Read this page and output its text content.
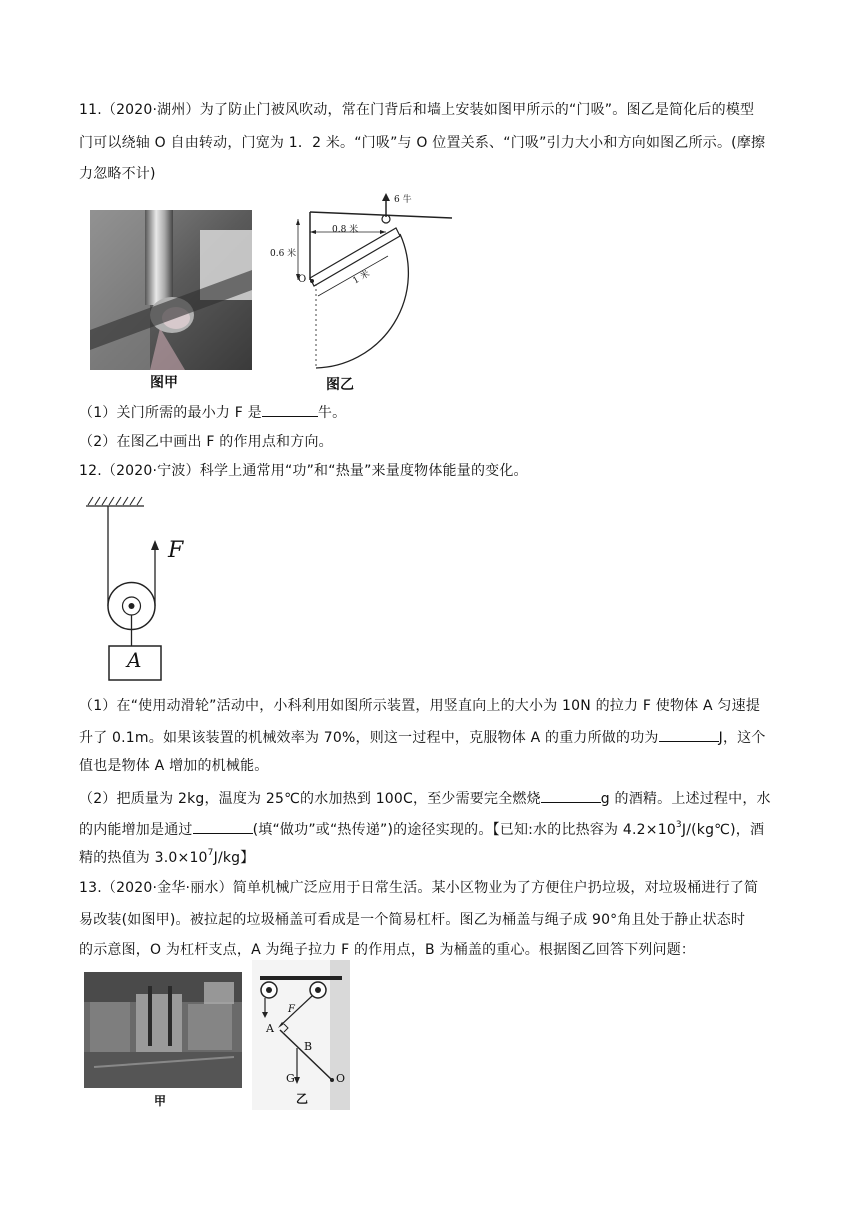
11.（2020·湖州）为了防止门被风吹动，常在门背后和墙上安装如图甲所示的“门吸”。图乙是简化后的模型
门可以绕轴 O 自由转动，门宽为 1．2 米。“门吸”与 O 位置关系、“门吸”引力大小和方向如图乙所示。(摩擦
力忽略不计)
图甲
6 牛
0.8 米
0.6 米
1 米
O
图乙
（1）关门所需的最小力 F 是	牛。
（2）在图乙中画出 F 的作用点和方向。
12.（2020·宁波）科学上通常用“功”和“热量”来量度物体能量的变化。
F
A
（1）在“使用动滑轮”活动中，小科利用如图所示装置，用竖直向上的大小为 10N 的拉力 F 使物体 A 匀速提
升了 0.1m。如果该装置的机械效率为 70%，则这一过程中，克服物体 A 的重力所做的功为	J，这个
值也是物体 A 增加的机械能。
（2）把质量为 2kg，温度为 25℃的水加热到 100C，至少需要完全燃烧	g 的酒精。上述过程中，水
的内能增加是通过	(填“做功”或“热传递”)的途径实现的。【已知:水的比热容为 $4.2\times 10^3J/(kg℃)$，酒
精的热值为 $3.0\times 10^7J/kg$】
13.（2020·金华·丽水）简单机械广泛应用于日常生活。某小区物业为了方便住户扔垃圾，对垃圾桶进行了简
易改装(如图甲)。被拉起的垃圾桶盖可看成是一个简易杠杆。图乙为桶盖与绳子成 90°角且处于静止状态时
的示意图，O 为杠杆支点，A 为绳子拉力 F 的作用点，B 为桶盖的重心。根据图乙回答下列问题：
甲
F
A
B
G	O
乙
